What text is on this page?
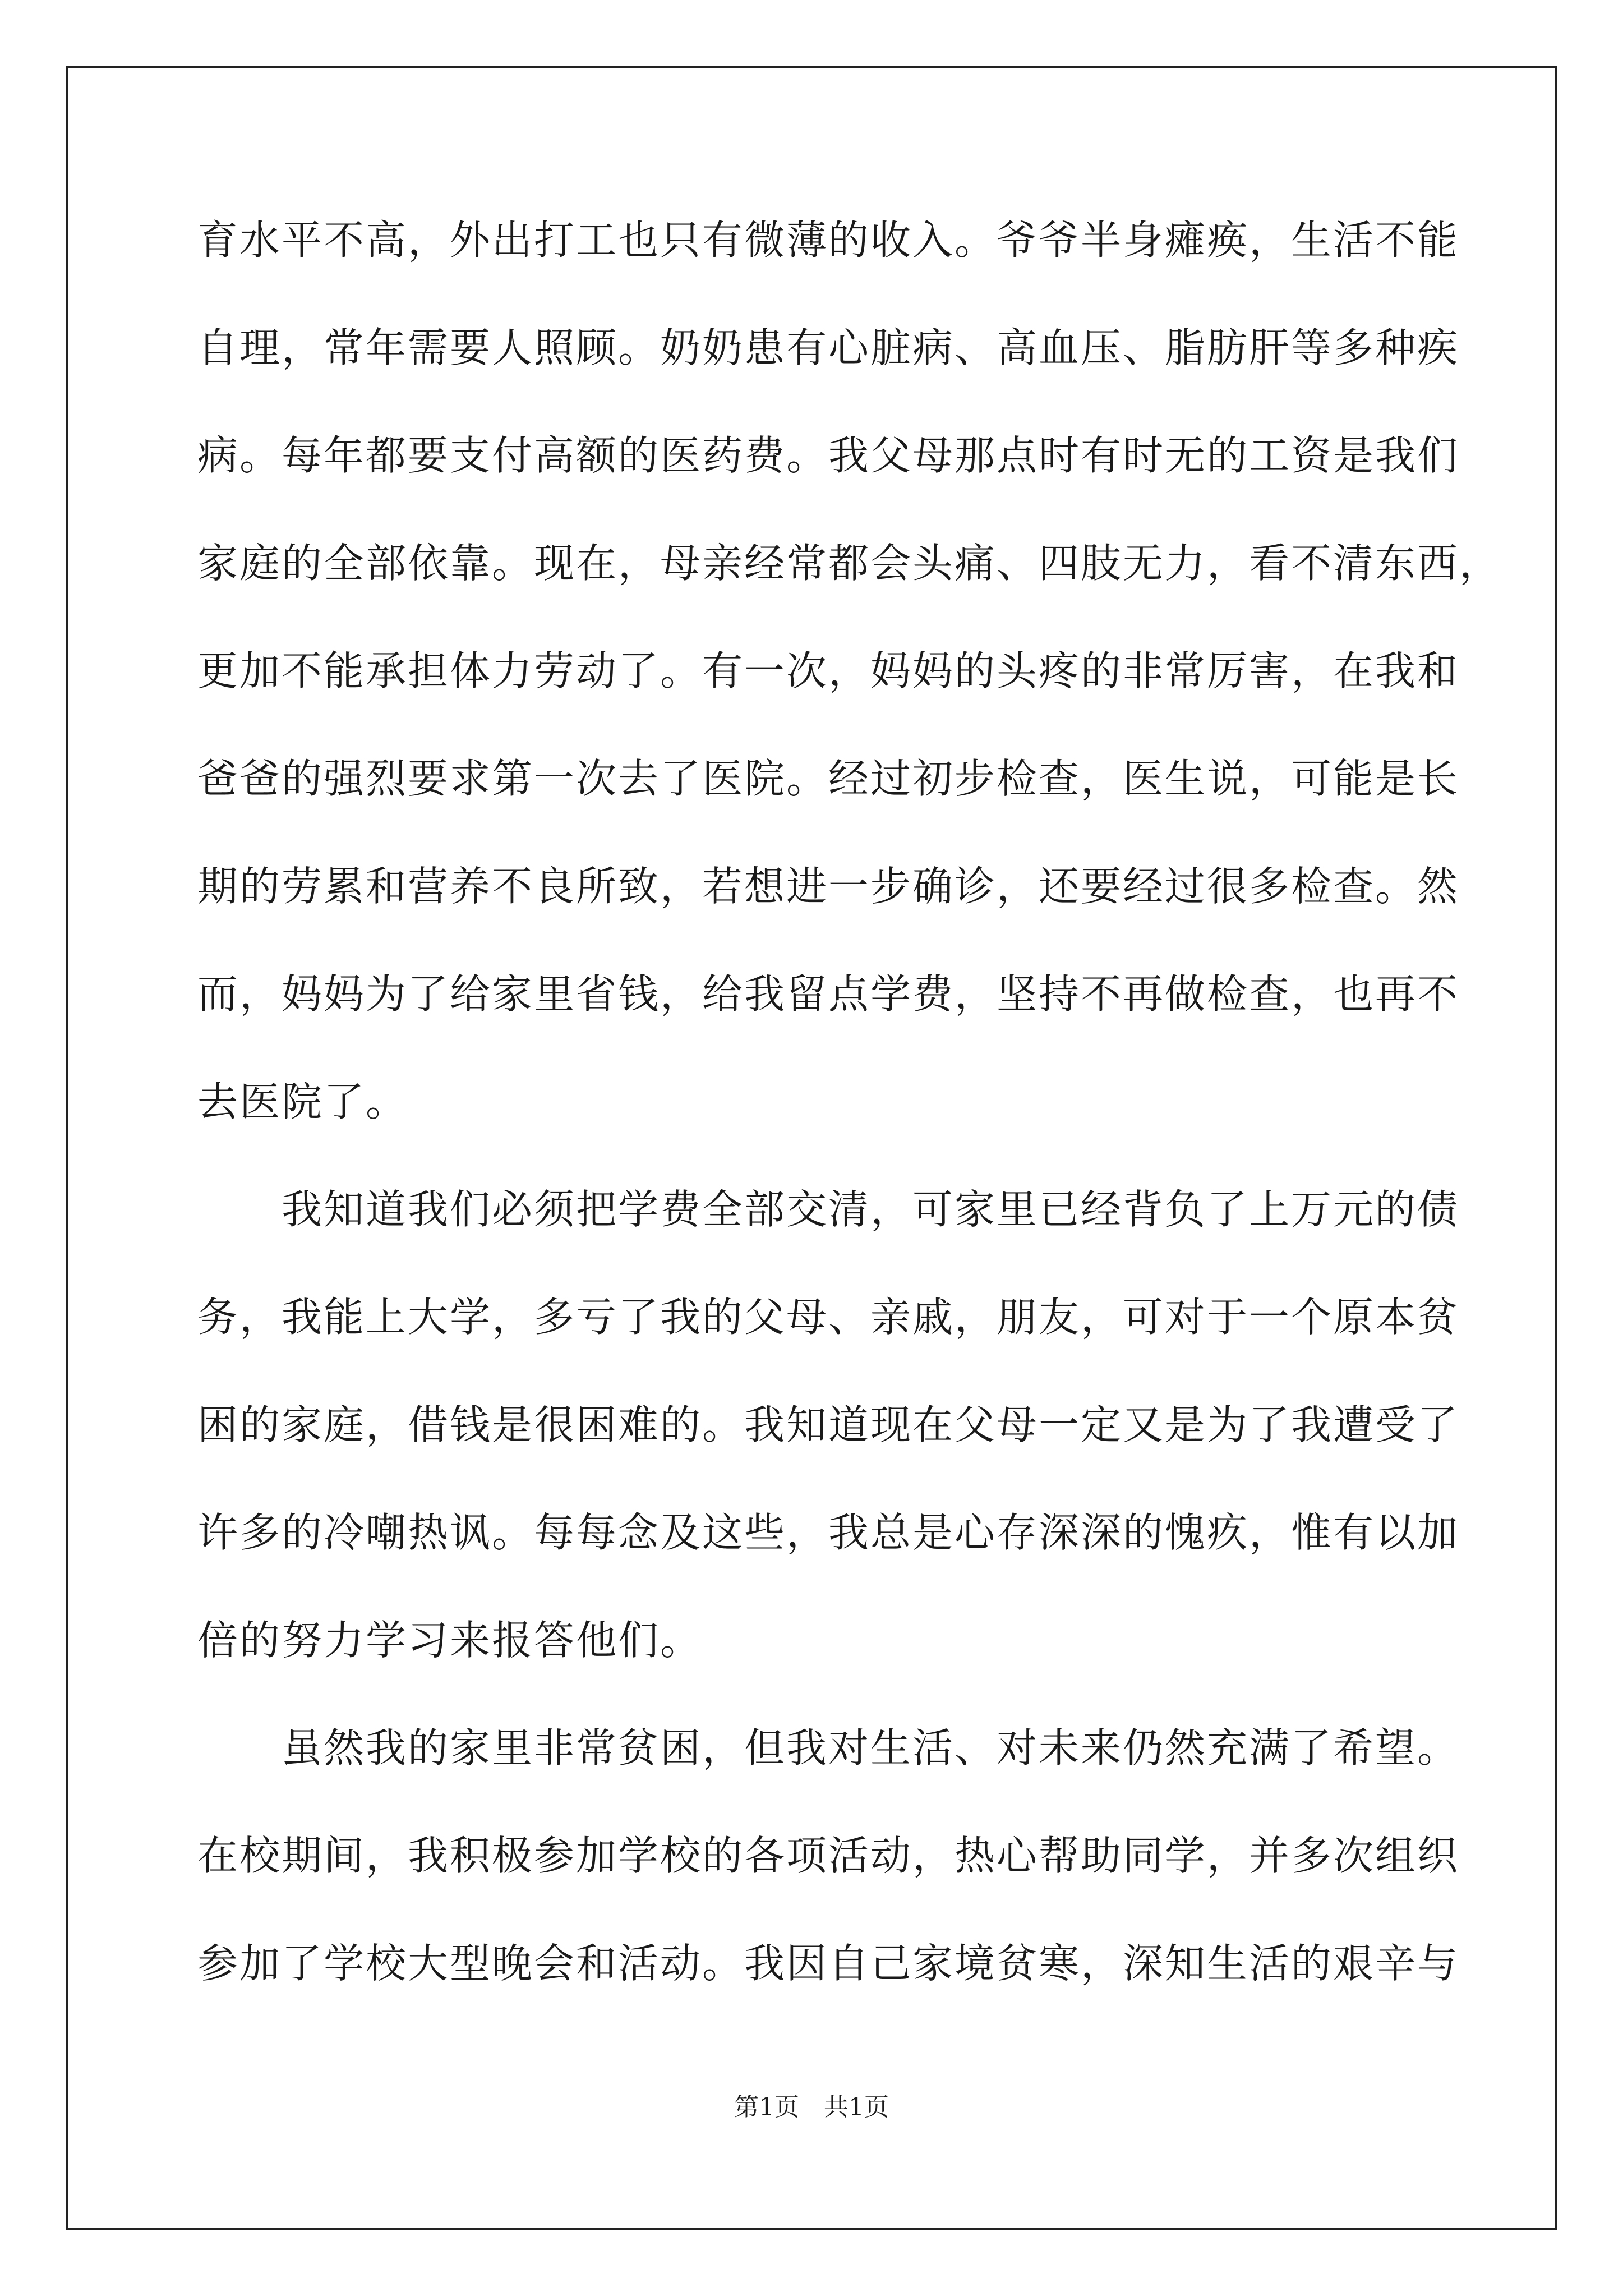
育水平不高，外出打工也只有微薄的收入。爷爷半身瘫痪，生活不能
自理，常年需要人照顾。奶奶患有心脏病、高血压、脂肪肝等多种疾
病。每年都要支付高额的医药费。我父母那点时有时无的工资是我们
家庭的全部依靠。现在，母亲经常都会头痛、四肢无力，看不清东西，
更加不能承担体力劳动了。有一次，妈妈的头疼的非常厉害，在我和
爸爸的强烈要求第一次去了医院。经过初步检查，医生说，可能是长
期的劳累和营养不良所致，若想进一步确诊，还要经过很多检查。然
而，妈妈为了给家里省钱，给我留点学费，坚持不再做检查，也再不
去医院了。
我知道我们必须把学费全部交清，可家里已经背负了上万元的债
务，我能上大学，多亏了我的父母、亲戚，朋友，可对于一个原本贫
困的家庭，借钱是很困难的。我知道现在父母一定又是为了我遭受了
许多的冷嘲热讽。每每念及这些，我总是心存深深的愧疚，惟有以加
倍的努力学习来报答他们。
虽然我的家里非常贫困，但我对生活、对未来仍然充满了希望。
在校期间，我积极参加学校的各项活动，热心帮助同学，并多次组织
参加了学校大型晚会和活动。我因自己家境贫寒，深知生活的艰辛与
第1页　共1页
